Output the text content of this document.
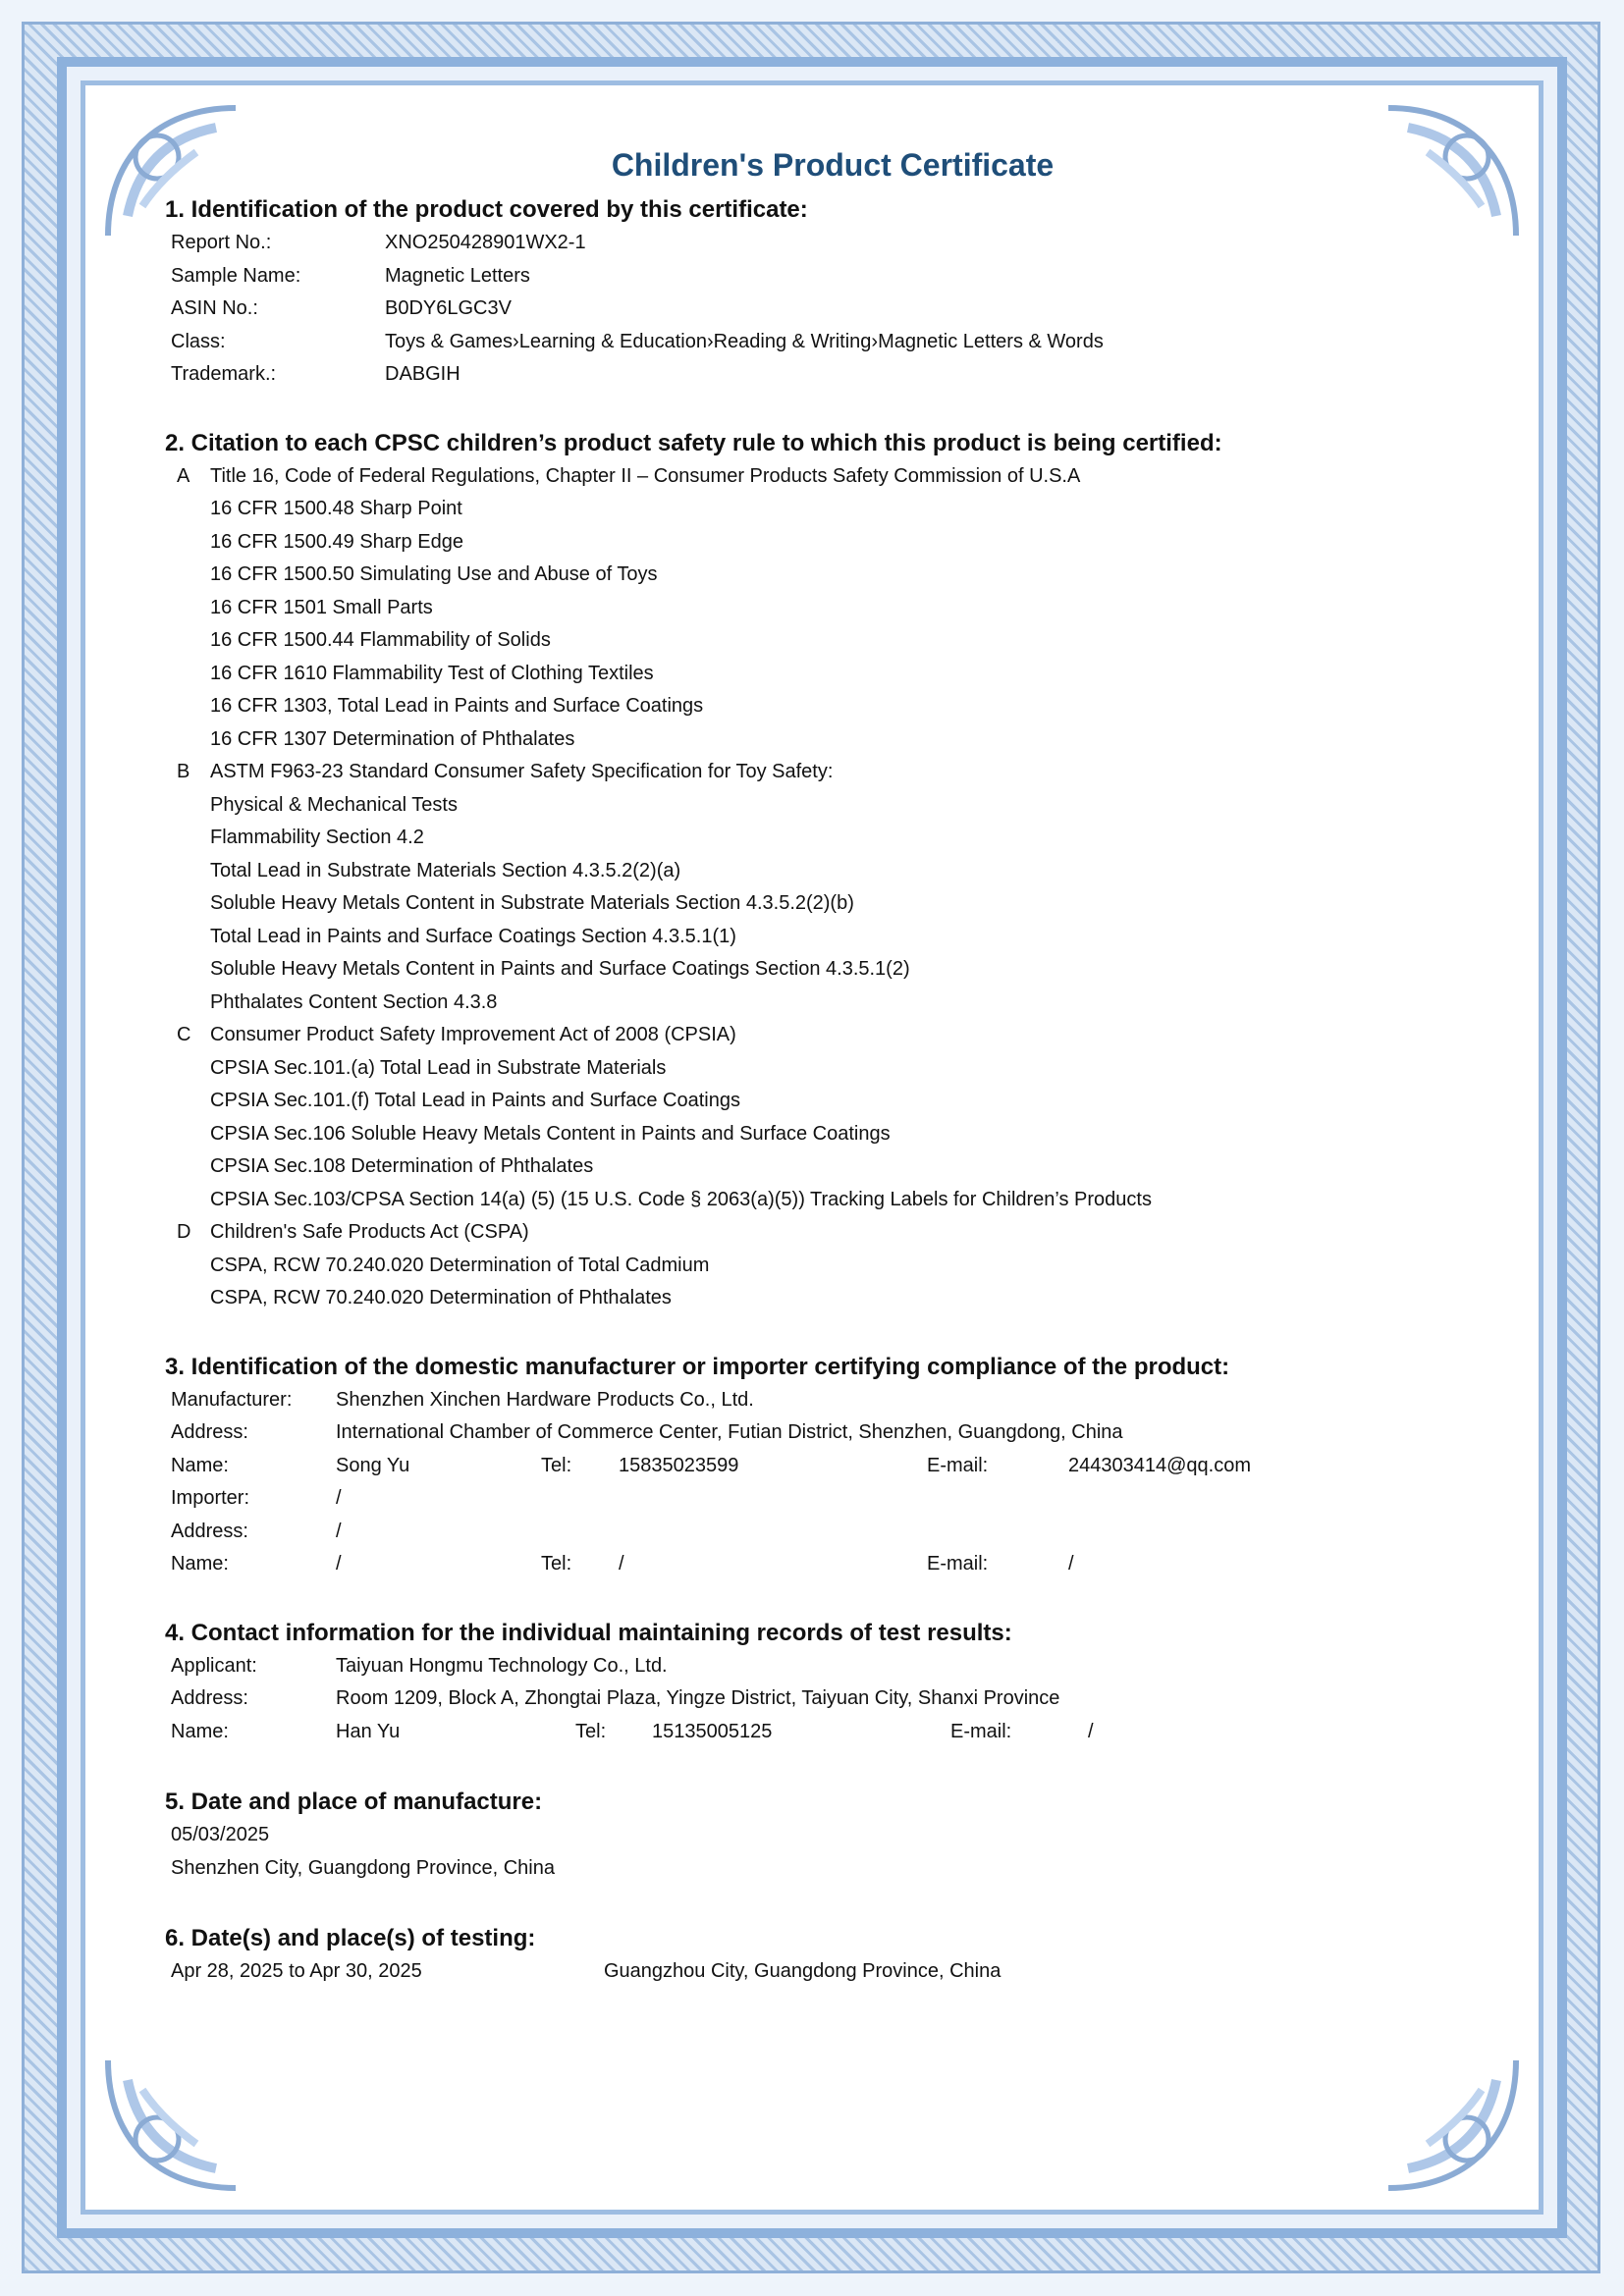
Children's Product Certificate
1. Identification of the product covered by this certificate:
Report No.:	XNO250428901WX2-1
Sample Name:	Magnetic Letters
ASIN No.:	B0DY6LGC3V
Class:	Toys & Games›Learning & Education›Reading & Writing›Magnetic Letters & Words
Trademark.:	DABGIH
2. Citation to each CPSC children’s product safety rule to which this product is being certified:
A Title 16, Code of Federal Regulations, Chapter II – Consumer Products Safety Commission of U.S.A
16 CFR 1500.48 Sharp Point
16 CFR 1500.49 Sharp Edge
16 CFR 1500.50 Simulating Use and Abuse of Toys
16 CFR 1501 Small Parts
16 CFR 1500.44 Flammability of Solids
16 CFR 1610 Flammability Test of Clothing Textiles
16 CFR 1303, Total Lead in Paints and Surface Coatings
16 CFR 1307 Determination of Phthalates
B ASTM F963-23 Standard Consumer Safety Specification for Toy Safety:
Physical & Mechanical Tests
Flammability Section 4.2
Total Lead in Substrate Materials Section 4.3.5.2(2)(a)
Soluble Heavy Metals Content in Substrate Materials Section 4.3.5.2(2)(b)
Total Lead in Paints and Surface Coatings Section 4.3.5.1(1)
Soluble Heavy Metals Content in Paints and Surface Coatings Section 4.3.5.1(2)
Phthalates Content Section 4.3.8
C Consumer Product Safety Improvement Act of 2008 (CPSIA)
CPSIA Sec.101.(a) Total Lead in Substrate Materials
CPSIA Sec.101.(f) Total Lead in Paints and Surface Coatings
CPSIA Sec.106 Soluble Heavy Metals Content in Paints and Surface Coatings
CPSIA Sec.108 Determination of Phthalates
CPSIA Sec.103/CPSA Section 14(a) (5) (15 U.S. Code § 2063(a)(5)) Tracking Labels for Children’s Products
D Children's Safe Products Act (CSPA)
CSPA, RCW 70.240.020 Determination of Total Cadmium
CSPA, RCW 70.240.020 Determination of Phthalates
3. Identification of the domestic manufacturer or importer certifying compliance of the product:
Manufacturer: Shenzhen Xinchen Hardware Products Co., Ltd.
Address:	International Chamber of Commerce Center, Futian District, Shenzhen, Guangdong, China
Name:	Song Yu	Tel: 15835023599	E-mail:	244303414@qq.com
Importer:	/
Address:	/
Name:	/	Tel: /	E-mail:	/
4. Contact information for the individual maintaining records of test results:
Applicant:	Taiyuan Hongmu Technology Co., Ltd.
Address:	Room 1209, Block A, Zhongtai Plaza, Yingze District, Taiyuan City, Shanxi Province
Name:	Han Yu	Tel: 15135005125	E-mail:	/
5. Date and place of manufacture:
05/03/2025
Shenzhen City, Guangdong Province, China
6. Date(s) and place(s) of testing:
Apr 28, 2025 to Apr 30, 2025	Guangzhou City, Guangdong Province, China
